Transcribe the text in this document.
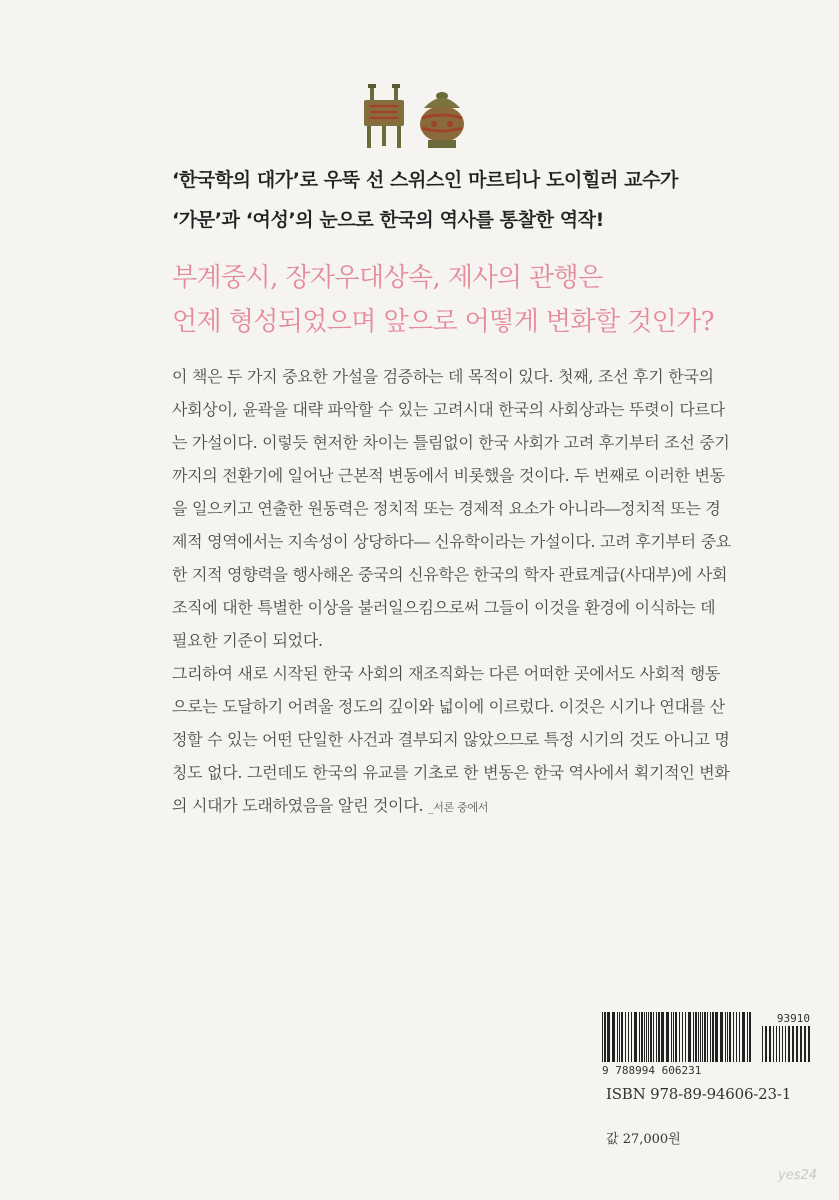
‘한국학의 대가’로 우뚝 선 스위스인 마르티나 도이힐러 교수가
‘가문’과 ‘여성’의 눈으로 한국의 역사를 통찰한 역작!
부계중시, 장자우대상속, 제사의 관행은
언제 형성되었으며 앞으로 어떻게 변화할 것인가?

이 책은 두 가지 중요한 가설을 검증하는 데 목적이 있다. 첫째, 조선 후기 한국의 사회상이, 윤곽을 대략 파악할 수 있는 고려시대 한국의 사회상과는 뚜렷이 다르다는 가설이다. 이렇듯 현저한 차이는 틀림없이 한국 사회가 고려 후기부터 조선 중기까지의 전환기에 일어난 근본적 변동에서 비롯했을 것이다. 두 번째로 이러한 변동을 일으키고 연출한 원동력은 정치적 또는 경제적 요소가 아니라―정치적 또는 경제적 영역에서는 지속성이 상당하다― 신유학이라는 가설이다. 고려 후기부터 중요한 지적 영향력을 행사해온 중국의 신유학은 한국의 학자 관료계급(사대부)에 사회조직에 대한 특별한 이상을 불러일으킴으로써 그들이 이것을 환경에 이식하는 데 필요한 기준이 되었다.

그리하여 새로 시작된 한국 사회의 재조직화는 다른 어떠한 곳에서도 사회적 행동으로는 도달하기 어려울 정도의 깊이와 넓이에 이르렀다. 이것은 시기나 연대를 산정할 수 있는 어떤 단일한 사건과 결부되지 않았으므로 특정 시기의 것도 아니고 명칭도 없다. 그런데도 한국의 유교를 기초로 한 변동은 한국 역사에서 획기적인 변화의 시대가 도래하였음을 알린 것이다. _서론 중에서

93910
9 788994 606231
ISBN 978-89-94606-23-1
값 27,000원
yes24
